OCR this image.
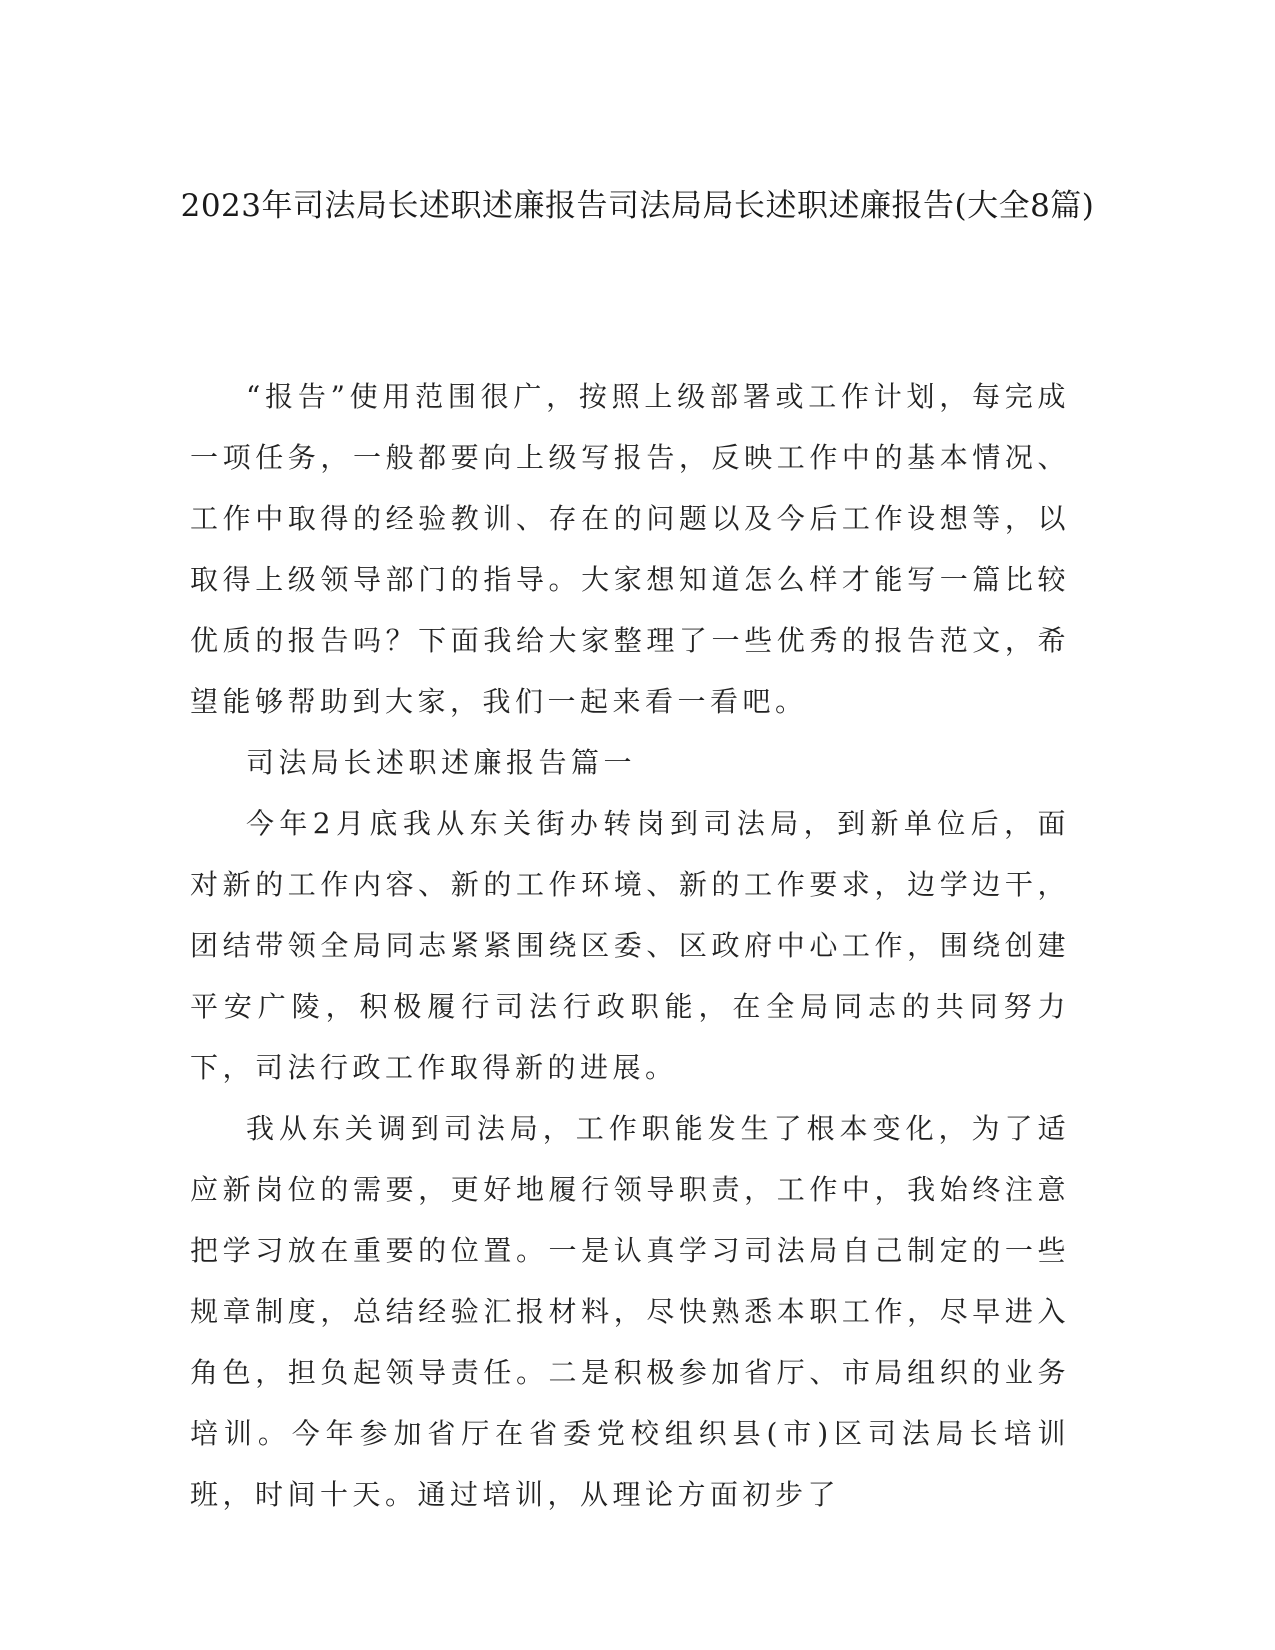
2023年司法局长述职述廉报告司法局局长述职述廉报告(大全8篇)

“报告”使用范围很广，按照上级部署或工作计划，每完成一项任务，一般都要向上级写报告，反映工作中的基本情况、工作中取得的经验教训、存在的问题以及今后工作设想等，以取得上级领导部门的指导。大家想知道怎么样才能写一篇比较优质的报告吗？下面我给大家整理了一些优秀的报告范文，希望能够帮助到大家，我们一起来看一看吧。

司法局长述职述廉报告篇一

今年2月底我从东关街办转岗到司法局，到新单位后，面对新的工作内容、新的工作环境、新的工作要求，边学边干，团结带领全局同志紧紧围绕区委、区政府中心工作，围绕创建平安广陵，积极履行司法行政职能，在全局同志的共同努力下，司法行政工作取得新的进展。

我从东关调到司法局，工作职能发生了根本变化，为了适应新岗位的需要，更好地履行领导职责，工作中，我始终注意把学习放在重要的位置。一是认真学习司法局自己制定的一些规章制度，总结经验汇报材料，尽快熟悉本职工作，尽早进入角色，担负起领导责任。二是积极参加省厅、市局组织的业务培训。今年参加省厅在省委党校组织县(市)区司法局长培训班，时间十天。通过培训，从理论方面初步了
